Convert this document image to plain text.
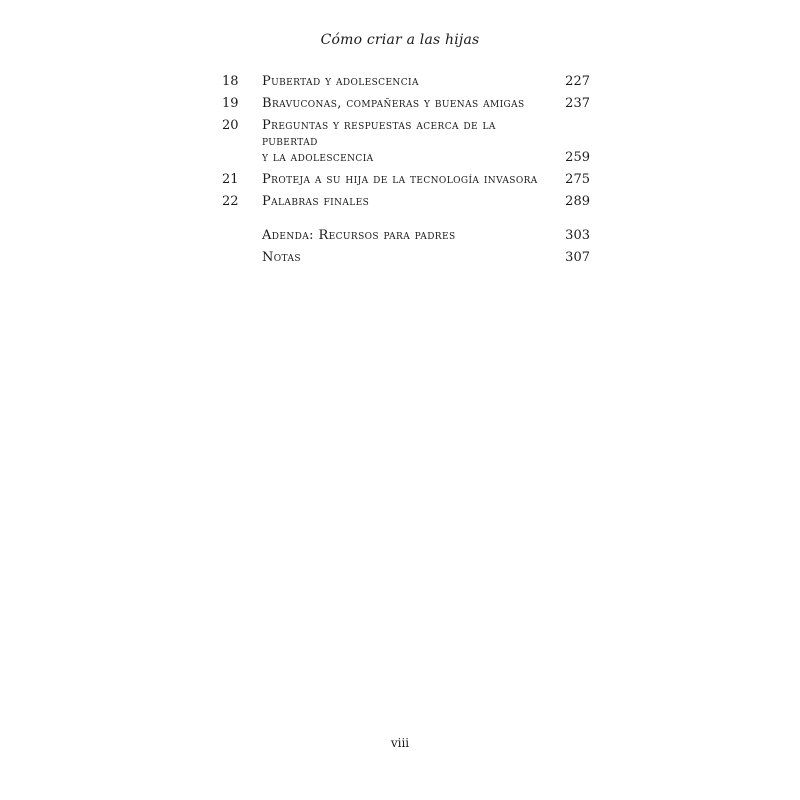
Cómo criar a las hijas
18	Pubertad y adolescencia	227
19	Bravuconas, compañeras y buenas amigas	237
20	Preguntas y respuestas acerca de la pubertad
y la adolescencia	259
21	Proteja a su hija de la tecnología invasora	275
22	Palabras finales	289
Adenda: Recursos para padres	303
Notas	307
viii
